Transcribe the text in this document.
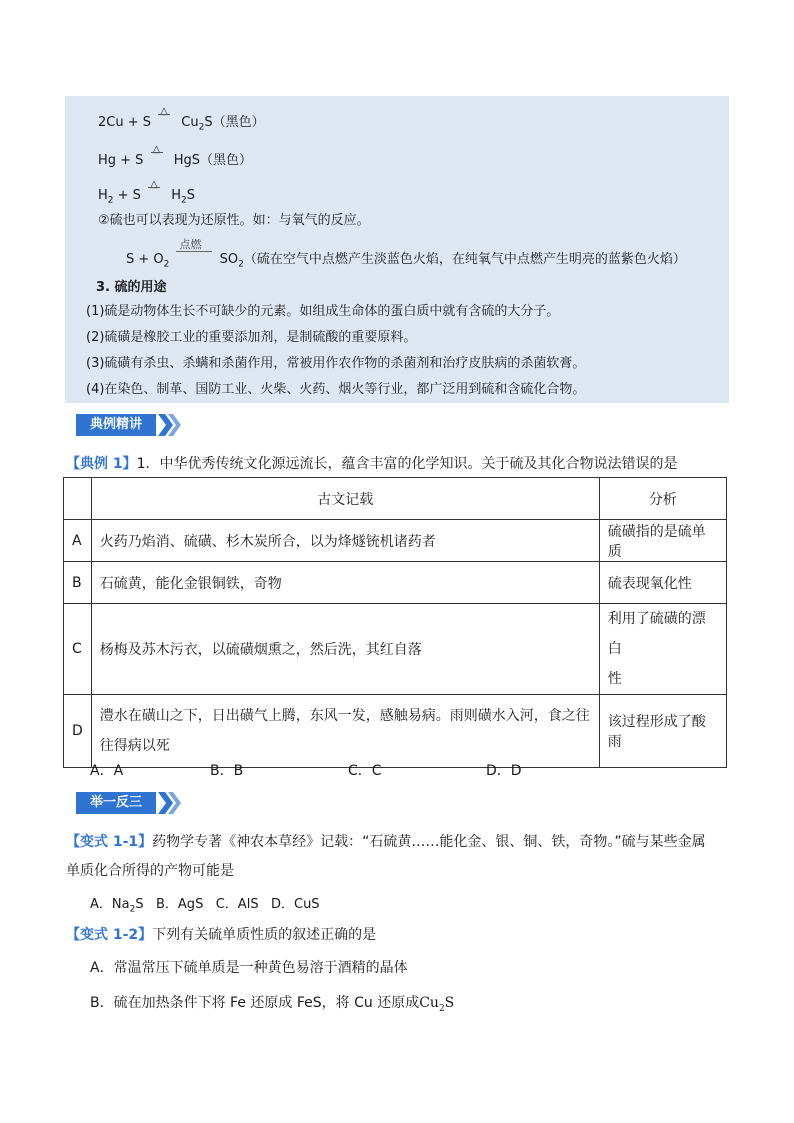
2Cu + S
△
$Cu_2S$（黑色）
Hg + S
△
HgS（黑色）
$H_2 + S$
△
$H_2S$
②硫也可以表现为还原性。如：与氧气的反应。
$S + O_2$
点燃
$SO_2$（硫在空气中点燃产生淡蓝色火焰，在纯氧气中点燃产生明亮的蓝紫色火焰）
3. 硫的用途
(1)硫是动物体生长不可缺少的元素。如组成生命体的蛋白质中就有含硫的大分子。
(2)硫磺是橡胶工业的重要添加剂，是制硫酸的重要原料。
(3)硫磺有杀虫、杀螨和杀菌作用，常被用作农作物的杀菌剂和治疗皮肤病的杀菌软膏。
(4)在染色、制革、国防工业、火柴、火药、烟火等行业，都广泛用到硫和含硫化合物。
典例精讲
【典例 1】1．中华优秀传统文化源远流长，蕴含丰富的化学知识。关于硫及其化合物说法错误的是
	古文记载	分析
A	火药乃焰消、硫磺、杉木炭所合，以为烽燧铳机诸药者	硫磺指的是硫单质
B	石硫黄，能化金银铜铁，奇物	硫表现氧化性
C	杨梅及苏木污衣，以硫磺烟熏之，然后洗，其红自落	利用了硫磺的漂白
性
D	澧水在磺山之下，日出磺气上腾，东风一发，感触易病。雨则磺水入河，食之往
往得病以死	该过程形成了酸雨
A．A	B．B	C．C	D．D
举一反三
【变式 1-1】药物学专著《神农本草经》记载：“石硫黄……能化金、银、铜、铁，奇物。”硫与某些金属
单质化合所得的产物可能是
A．$Na_2S$ B．AgS C．AlS D．CuS
【变式 1-2】下列有关硫单质性质的叙述正确的是
A．常温常压下硫单质是一种黄色易溶于酒精的晶体
B．硫在加热条件下将 Fe 还原成 FeS，将 Cu 还原成$Cu_2S$
